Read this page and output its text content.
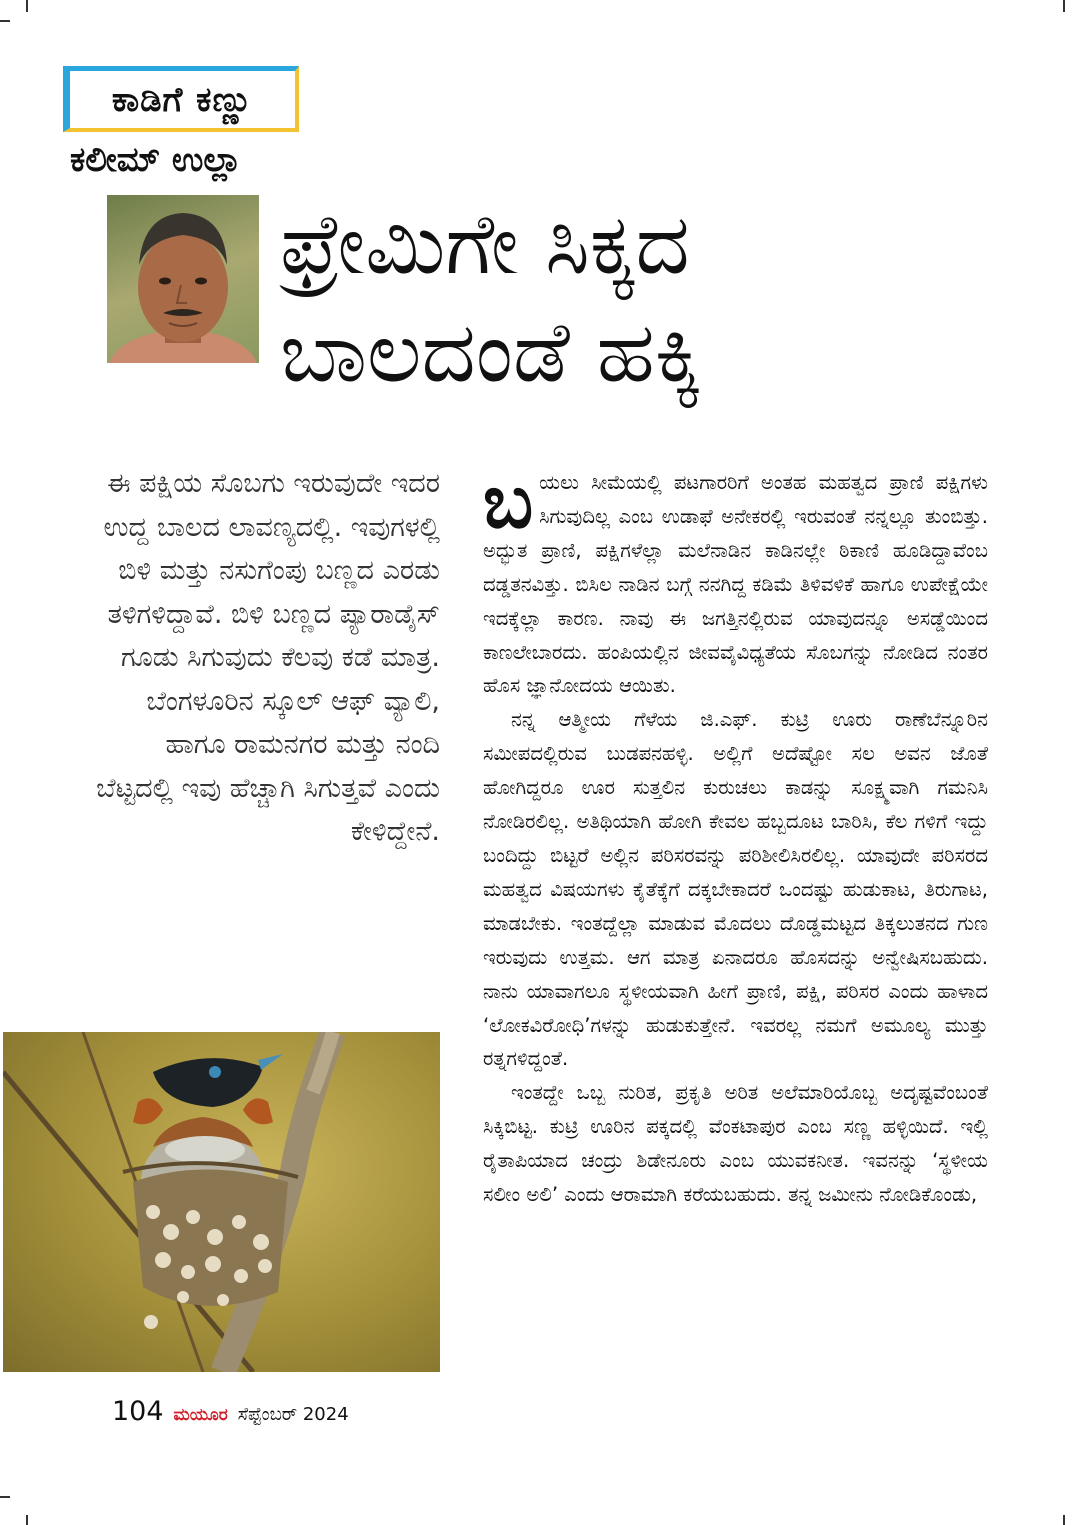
ಕಾಡಿಗೆ ಕಣ್ಣು
ಕಲೀಮ್ ಉಲ್ಲಾ
ಫ್ರೇಮಿಗೇ ಸಿಕ್ಕದ
ಬಾಲದಂಡೆ ಹಕ್ಕಿ

ಈ ಪಕ್ಷಿಯ ಸೊಬಗು ಇರುವುದೇ ಇದರ ಉದ್ದ ಬಾಲದ ಲಾವಣ್ಯದಲ್ಲಿ. ಇವುಗಳಲ್ಲಿ ಬಿಳಿ ಮತ್ತು ನಸುಗೆಂಪು ಬಣ್ಣದ ಎರಡು ತಳಿಗಳಿದ್ದಾವೆ. ಬಿಳಿ ಬಣ್ಣದ ಪ್ಯಾರಾಡೈಸ್ ಗೂಡು ಸಿಗುವುದು ಕೆಲವು ಕಡೆ ಮಾತ್ರ. ಬೆಂಗಳೂರಿನ ಸ್ಕೂಲ್ ಆಫ್ ವ್ಯಾಲಿ, ಹಾಗೂ ರಾಮನಗರ ಮತ್ತು ನಂದಿ ಬೆಟ್ಟದಲ್ಲಿ ಇವು ಹೆಚ್ಚಾಗಿ ಸಿಗುತ್ತವೆ ಎಂದು ಕೇಳಿದ್ದೇನೆ.

ಬಯಲು ಸೀಮೆಯಲ್ಲಿ ಪಟಗಾರರಿಗೆ ಅಂತಹ ಮಹತ್ವದ ಪ್ರಾಣಿ ಪಕ್ಷಿಗಳು ಸಿಗುವುದಿಲ್ಲ ಎಂಬ ಉಡಾಫೆ ಅನೇಕರಲ್ಲಿ ಇರುವಂತೆ ನನ್ನಲ್ಲೂ ತುಂಬಿತ್ತು. ಅದ್ಭುತ ಪ್ರಾಣಿ, ಪಕ್ಷಿಗಳೆಲ್ಲಾ ಮಲೆನಾಡಿನ ಕಾಡಿನಲ್ಲೇ ಠಿಕಾಣಿ ಹೂಡಿದ್ದಾವೆಂಬ ದಡ್ಡತನವಿತ್ತು. ಬಿಸಿಲ ನಾಡಿನ ಬಗ್ಗೆ ನನಗಿದ್ದ ಕಡಿಮೆ ತಿಳಿವಳಿಕೆ ಹಾಗೂ ಉಪೇಕ್ಷೆಯೇ ಇದಕ್ಕೆಲ್ಲಾ ಕಾರಣ. ನಾವು ಈ ಜಗತ್ತಿನಲ್ಲಿರುವ ಯಾವುದನ್ನೂ ಅಸಡ್ಡೆಯಿಂದ ಕಾಣಲೇಬಾರದು. ಹಂಪಿಯಲ್ಲಿನ ಜೀವವೈವಿಧ್ಯತೆಯ ಸೊಬಗನ್ನು ನೋಡಿದ ನಂತರ ಹೊಸ ಜ್ಞಾನೋದಯ ಆಯಿತು.

ನನ್ನ ಆತ್ಮೀಯ ಗೆಳೆಯ ಜಿ.ಎಫ್. ಕುಟ್ರಿ ಊರು ರಾಣೆಬೆನ್ನೂರಿನ ಸಮೀಪದಲ್ಲಿರುವ ಬುಡಪನಹಳ್ಳಿ. ಅಲ್ಲಿಗೆ ಅದೆಷ್ಟೋ ಸಲ ಅವನ ಜೊತೆ ಹೋಗಿದ್ದರೂ ಊರ ಸುತ್ತಲಿನ ಕುರುಚಲು ಕಾಡನ್ನು ಸೂಕ್ಷ್ಮವಾಗಿ ಗಮನಿಸಿ ನೋಡಿರಲಿಲ್ಲ. ಅತಿಥಿಯಾಗಿ ಹೋಗಿ ಕೇವಲ ಹಬ್ಬದೂಟ ಬಾರಿಸಿ, ಕೆಲ ಗಳಿಗೆ ಇದ್ದು ಬಂದಿದ್ದು ಬಿಟ್ಟರೆ ಅಲ್ಲಿನ ಪರಿಸರವನ್ನು ಪರಿಶೀಲಿಸಿರಲಿಲ್ಲ. ಯಾವುದೇ ಪರಿಸರದ ಮಹತ್ವದ ವಿಷಯಗಳು ಕೈತೆಕ್ಕೆಗೆ ದಕ್ಕಬೇಕಾದರೆ ಒಂದಷ್ಟು ಹುಡುಕಾಟ, ತಿರುಗಾಟ, ಮಾಡಬೇಕು. ಇಂತದ್ದೆಲ್ಲಾ ಮಾಡುವ ಮೊದಲು ದೊಡ್ಡಮಟ್ಟದ ತಿಕ್ಕಲುತನದ ಗುಣ ಇರುವುದು ಉತ್ತಮ. ಆಗ ಮಾತ್ರ ಏನಾದರೂ ಹೊಸದನ್ನು ಅನ್ವೇಷಿಸಬಹುದು. ನಾನು ಯಾವಾಗಲೂ ಸ್ಥಳೀಯವಾಗಿ ಹೀಗೆ ಪ್ರಾಣಿ, ಪಕ್ಷಿ, ಪರಿಸರ ಎಂದು ಹಾಳಾದ ‘ಲೋಕವಿರೋಧಿ’ಗಳನ್ನು ಹುಡುಕುತ್ತೇನೆ. ಇವರಲ್ಲ ನಮಗೆ ಅಮೂಲ್ಯ ಮುತ್ತು ರತ್ನಗಳಿದ್ದಂತೆ.

ಇಂತದ್ದೇ ಒಬ್ಬ ನುರಿತ, ಪ್ರಕೃತಿ ಅರಿತ ಅಲೆಮಾರಿಯೊಬ್ಬ ಅದೃಷ್ಟವೆಂಬಂತೆ ಸಿಕ್ಕಿಬಿಟ್ಟ. ಕುಟ್ರಿ ಊರಿನ ಪಕ್ಕದಲ್ಲಿ ವೆಂಕಟಾಪುರ ಎಂಬ ಸಣ್ಣ ಹಳ್ಳಿಯಿದೆ. ಇಲ್ಲಿ ರೈತಾಪಿಯಾದ ಚಂದ್ರು ಶಿಡೇನೂರು ಎಂಬ ಯುವಕನೀತ. ಇವನನ್ನು ‘ಸ್ಥಳೀಯ ಸಲೀಂ ಅಲಿ’ ಎಂದು ಆರಾಮಾಗಿ ಕರೆಯಬಹುದು. ತನ್ನ ಜಮೀನು ನೋಡಿಕೊಂಡು,

104 ಮಯೂರ ಸೆಪ್ಟೆಂಬರ್ 2024
